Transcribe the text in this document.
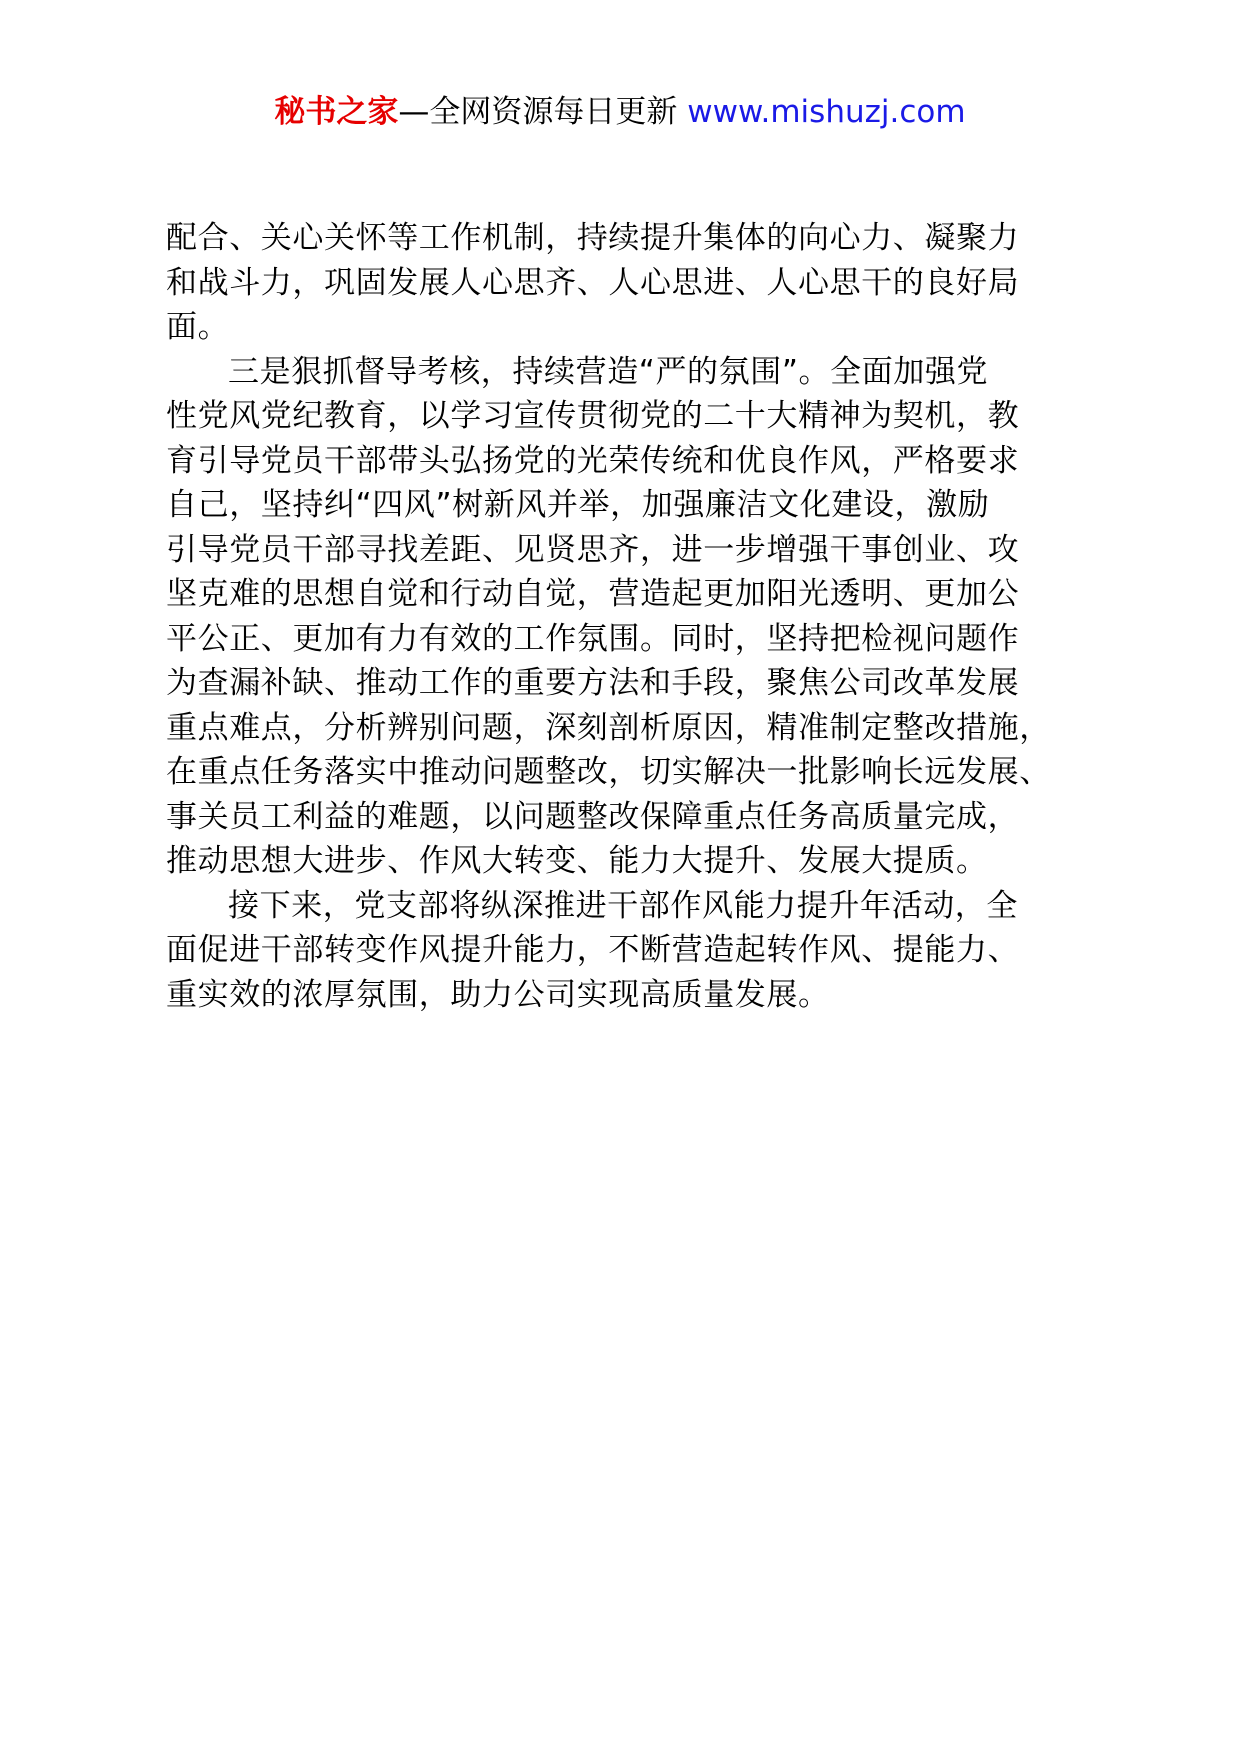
秘书之家—全网资源每日更新 www.mishuzj.com
配合、关心关怀等工作机制，持续提升集体的向心力、凝聚力
和战斗力，巩固发展人心思齐、人心思进、人心思干的良好局
面。
三是狠抓督导考核，持续营造“严的氛围”。全面加强党
性党风党纪教育，以学习宣传贯彻党的二十大精神为契机，教
育引导党员干部带头弘扬党的光荣传统和优良作风，严格要求
自己，坚持纠“四风”树新风并举，加强廉洁文化建设，激励
引导党员干部寻找差距、见贤思齐，进一步增强干事创业、攻
坚克难的思想自觉和行动自觉，营造起更加阳光透明、更加公
平公正、更加有力有效的工作氛围。同时，坚持把检视问题作
为查漏补缺、推动工作的重要方法和手段，聚焦公司改革发展
重点难点，分析辨别问题，深刻剖析原因，精准制定整改措施，
在重点任务落实中推动问题整改，切实解决一批影响长远发展、
事关员工利益的难题，以问题整改保障重点任务高质量完成，
推动思想大进步、作风大转变、能力大提升、发展大提质。
接下来，党支部将纵深推进干部作风能力提升年活动，全
面促进干部转变作风提升能力，不断营造起转作风、提能力、
重实效的浓厚氛围，助力公司实现高质量发展。
